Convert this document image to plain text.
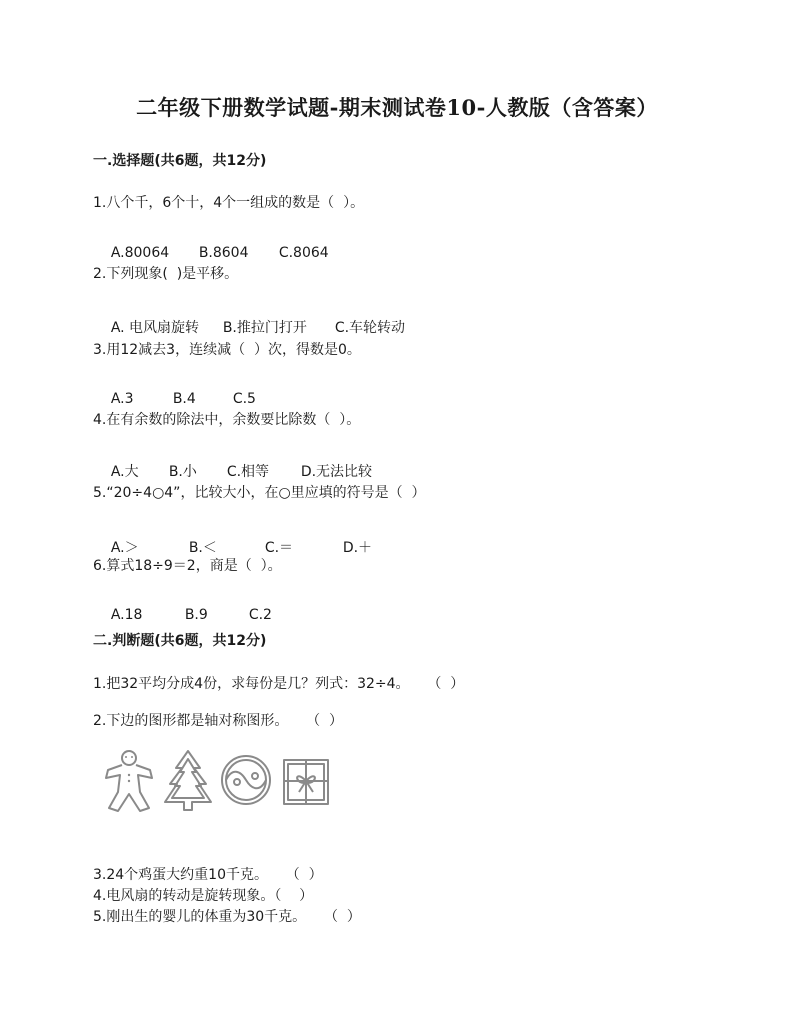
二年级下册数学试题-期末测试卷10-人教版（含答案）
一.选择题(共6题，共12分)
1.八个千，6个十，4个一组成的数是（  ）。

A.80064 B.8604 C.8064

2.下列现象(  )是平移。

A. 电风扇旋转 B.推拉门打开 C.车轮转动

3.用12减去3，连续减（  ）次，得数是0。

A.3	B.4	C.5

4.在有余数的除法中，余数要比除数（  ）。

A.大 B.小 C.相等 D.无法比较

5.“20÷4○4”，比较大小，在○里应填的符号是（  ）

A.＞	B.＜	C.＝	D.＋

6.算式18÷9＝2，商是（  ）。

A.18	B.9	C.2

二.判断题(共6题，共12分)
1.把32平均分成4份，求每份是几？列式：32÷4。    （  ）
2.下边的图形都是轴对称图形。    （  ）
3.24个鸡蛋大约重10千克。    （  ）
4.电风扇的转动是旋转现象。（    ）
5.刚出生的婴儿的体重为30千克。    （  ）
